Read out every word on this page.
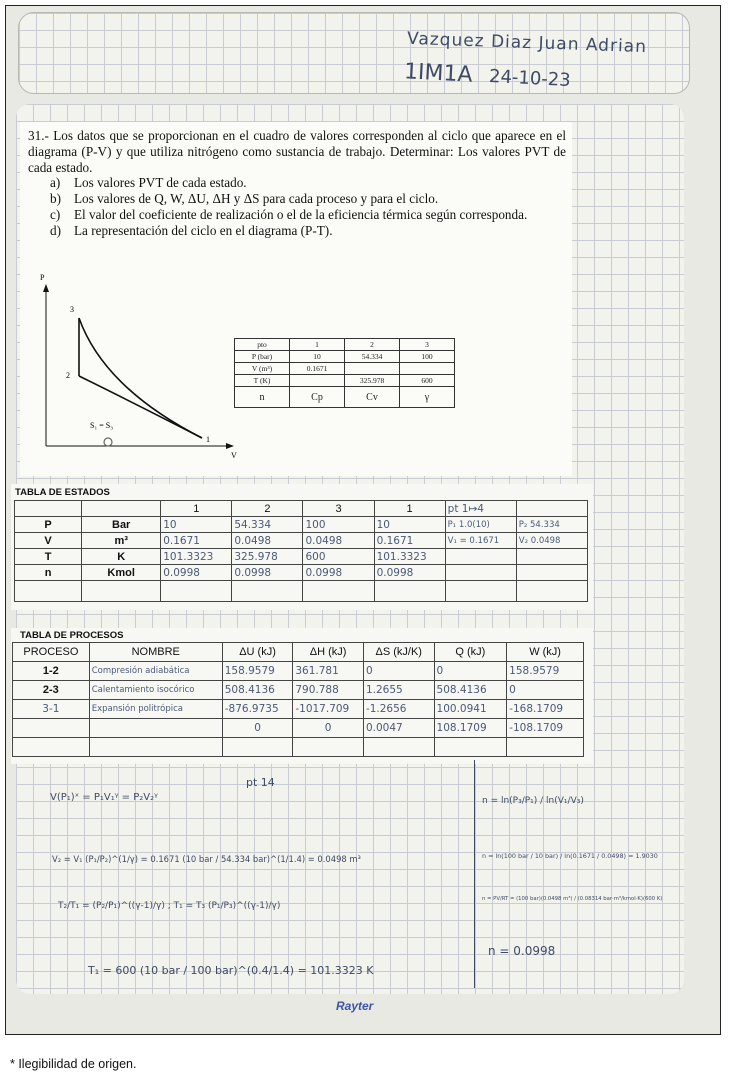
Vazquez Diaz Juan Adrian
1IM1A 24-10-23
31.- Los datos que se proporcionan en el cuadro de valores corresponden al ciclo que aparece en el diagrama (P-V) y que utiliza nitrógeno como sustancia de trabajo. Determinar: Los valores PVT de cada estado.
a)	Los valores PVT de cada estado.
b) Los valores de Q, W, ΔU, ΔH y ΔS para cada proceso y para el ciclo.
c)	El valor del coeficiente de realización o el de la eficiencia térmica según corresponda.
d) La representación del ciclo en el diagrama (P-T).
P
V
3
2
1
S₁ = S₃
pto	1	2	3
P (bar)	10	54.334	100
V (m³)	0.1671		
T (K)		325.978	600
n	Cp	Cv	γ
TABLA DE ESTADOS
		1	2	3	1	pt 1↦4	
P	Bar	10	54.334	100	10	P₁ 1.0(10)	P₂ 54.334
V	m³	0.1671	0.0498	0.0498	0.1671	V₁ = 0.1671	V₂ 0.0498
T	K	101.3323	325.978	600	101.3323		
n	Kmol	0.0998	0.0998	0.0998	0.0998		

TABLA DE PROCESOS
PROCESO	NOMBRE	ΔU (kJ)	ΔH (kJ)	ΔS (kJ/K)	Q (kJ)	W (kJ)
1-2	Compresión adiabática	158.9579	361.781	0	0	158.9579
2-3	Calentamiento isocórico	508.4136	790.788	1.2655	508.4136	0
3-1	Expansión politrópica	-876.9735	-1017.709	-1.2656	100.0941	-168.1709
		0	0	0.0047	108.1709	-108.1709

V(P₁)ˣ = P₁V₁ᵞ = P₂V₂ᵞ
pt 14
V₂ = V₁ (P₁/P₂)^(1/γ) = 0.1671 (10 bar / 54.334 bar)^(1/1.4) = 0.0498 m³
T₂/T₁ = (P₂/P₁)^((γ-1)/γ) ; T₁ = T₃ (P₁/P₃)^((γ-1)/γ)
T₁ = 600 (10 bar / 100 bar)^(0.4/1.4) = 101.3323 K
n = ln(P₃/P₁) / ln(V₁/V₃)
n = ln(100 bar / 10 bar) / ln(0.1671 / 0.0498) = 1.9030
n = PV/RT = (100 bar)(0.0498 m³) / (0.08314 bar·m³/kmol·K)(600 K)
n = 0.0998
Rayter
* Ilegibilidad de origen.
